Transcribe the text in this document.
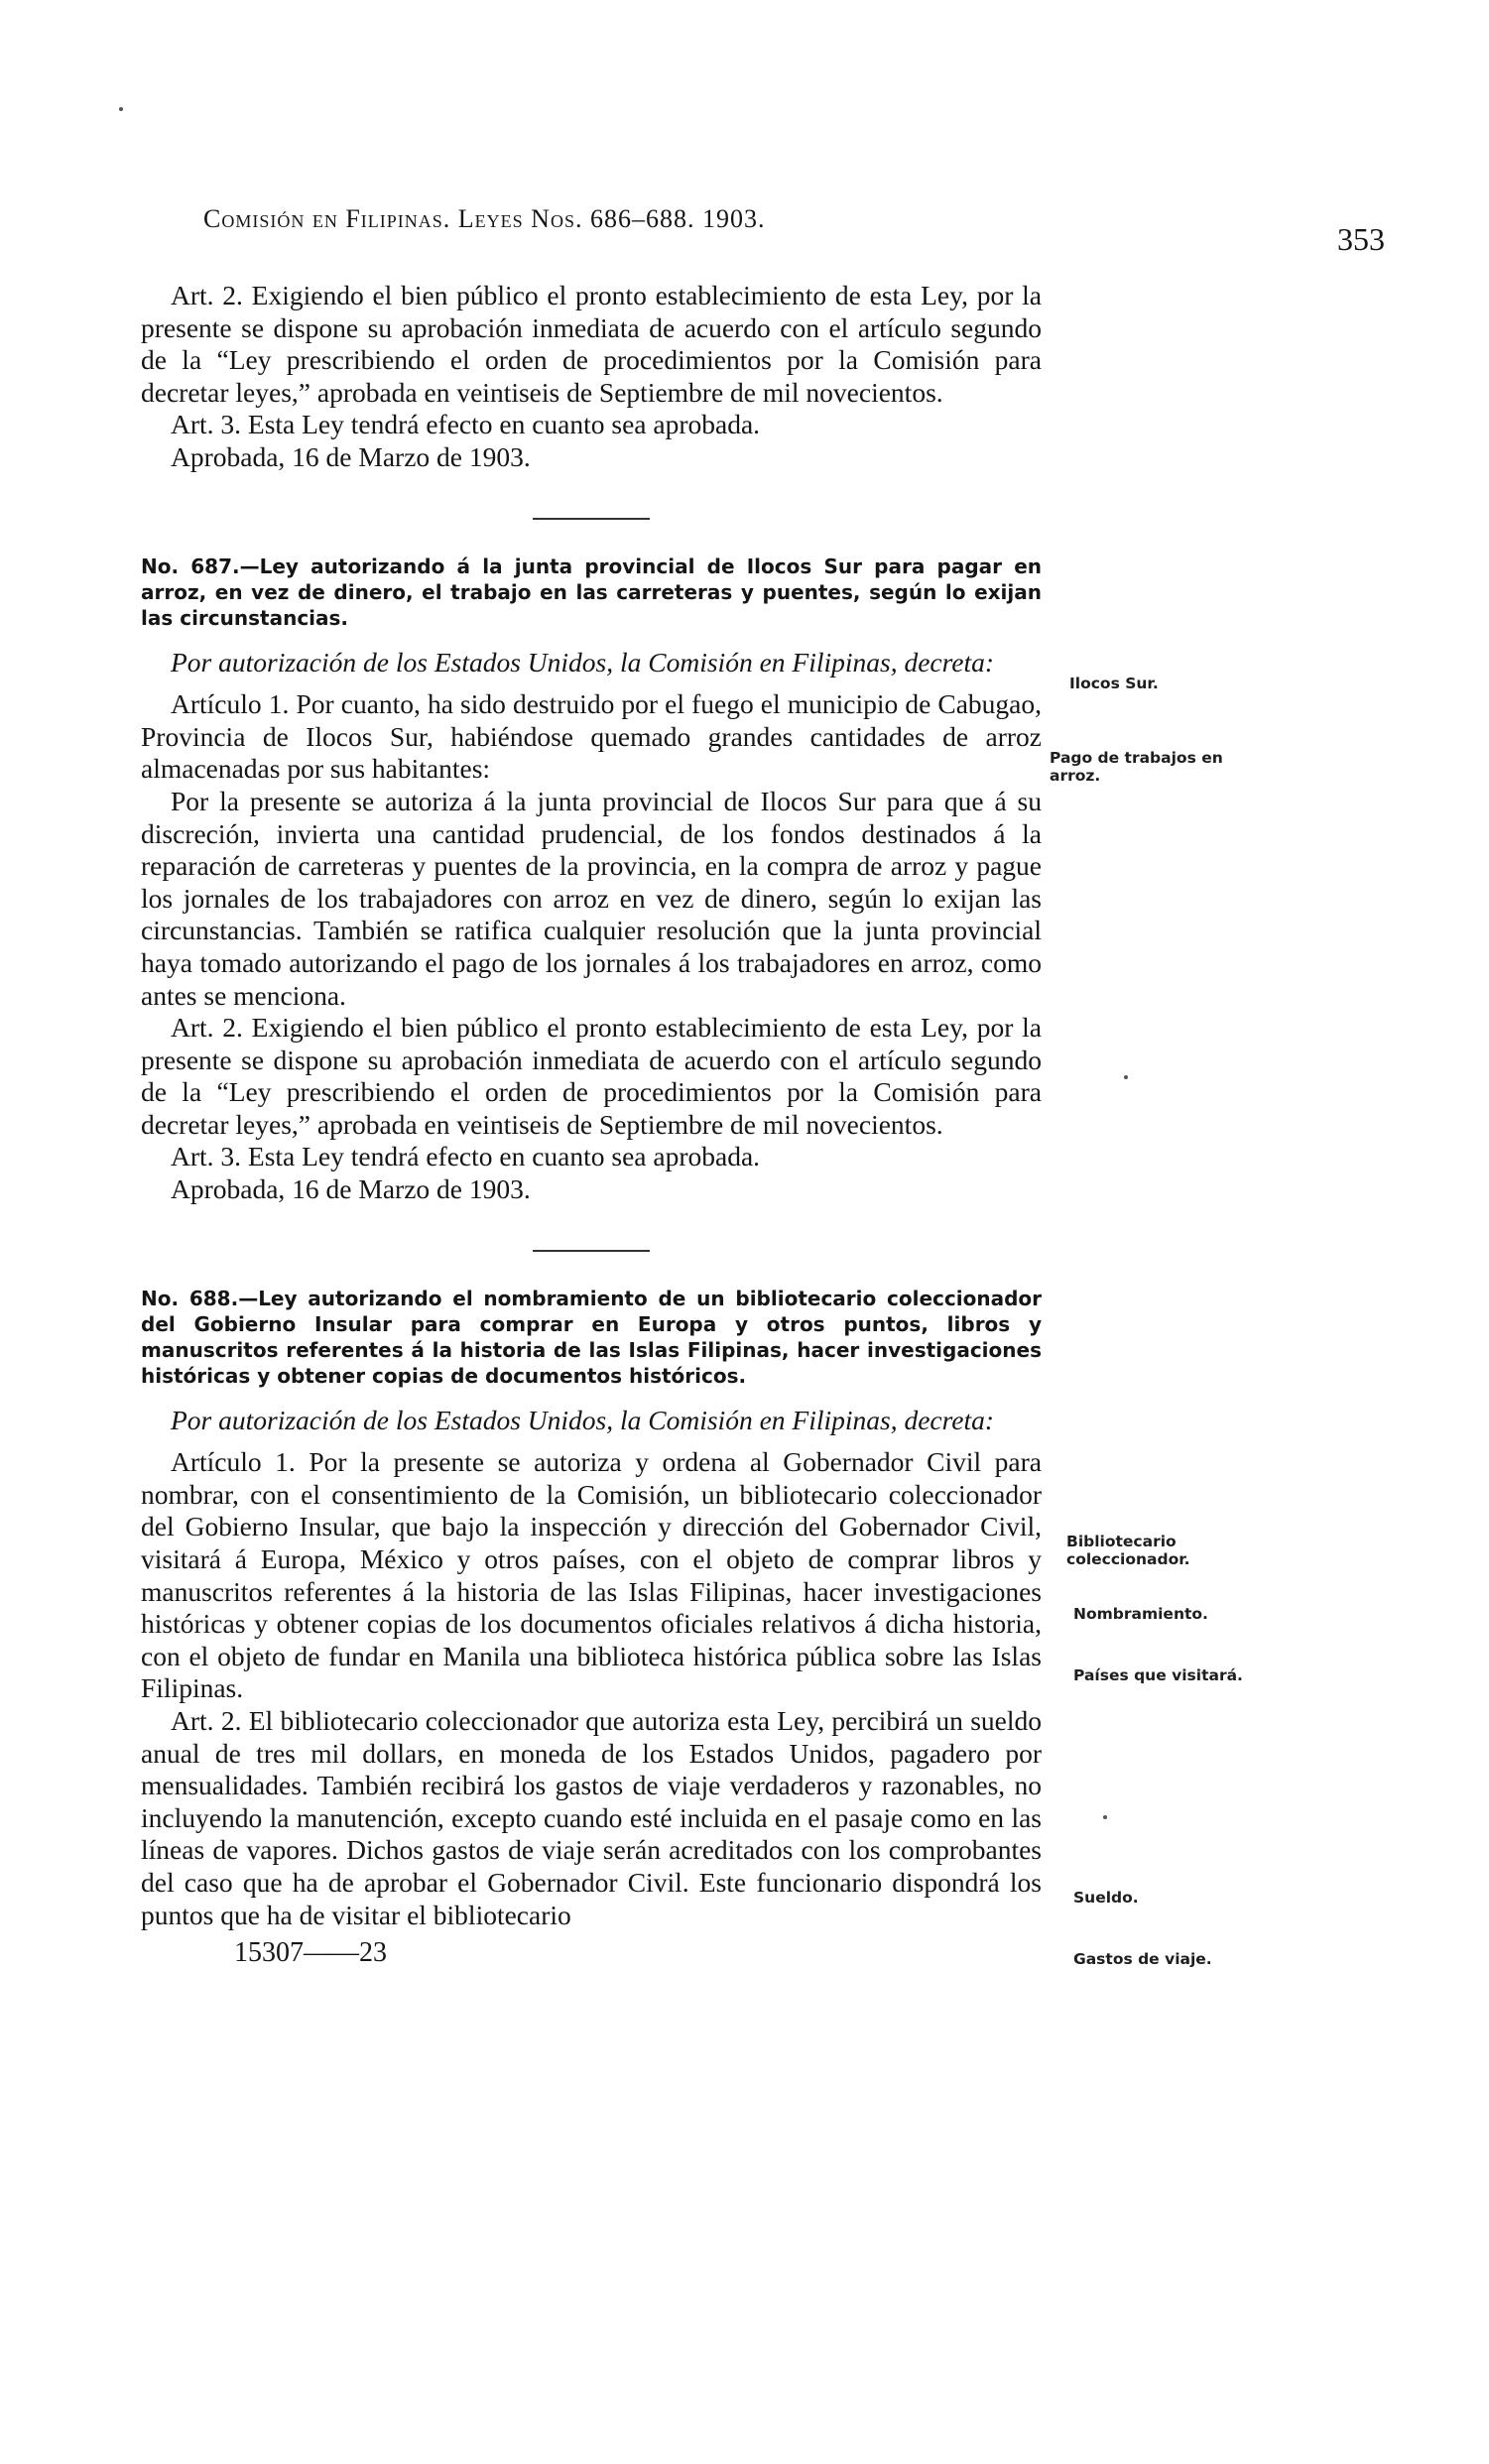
Comisión en Filipinas. Leyes Nos. 686–688. 1903.
353

Art. 2. Exigiendo el bien público el pronto establecimiento de esta Ley, por la presente se dispone su aprobación inmediata de acuerdo con el artículo segundo de la “Ley prescribiendo el orden de procedimientos por la Comisión para decretar leyes,” aprobada en veintiseis de Septiembre de mil novecientos.

Art. 3. Esta Ley tendrá efecto en cuanto sea aprobada.

Aprobada, 16 de Marzo de 1903.

No. 687.—Ley autorizando á la junta provincial de Ilocos Sur para pagar en arroz, en vez de dinero, el trabajo en las carreteras y puentes, según lo exijan las circunstancias.

Por autorización de los Estados Unidos, la Comisión en Filipinas, decreta:

Artículo 1. Por cuanto, ha sido destruido por el fuego el municipio de Cabugao, Provincia de Ilocos Sur, habiéndose quemado grandes cantidades de arroz almacenadas por sus habitantes:

Por la presente se autoriza á la junta provincial de Ilocos Sur para que á su discreción, invierta una cantidad prudencial, de los fondos destinados á la reparación de carreteras y puentes de la provincia, en la compra de arroz y pague los jornales de los trabajadores con arroz en vez de dinero, según lo exijan las circunstancias. También se ratifica cualquier resolución que la junta provincial haya tomado autorizando el pago de los jornales á los trabajadores en arroz, como antes se menciona.

Art. 2. Exigiendo el bien público el pronto establecimiento de esta Ley, por la presente se dispone su aprobación inmediata de acuerdo con el artículo segundo de la “Ley prescribiendo el orden de procedimientos por la Comisión para decretar leyes,” aprobada en veintiseis de Septiembre de mil novecientos.

Art. 3. Esta Ley tendrá efecto en cuanto sea aprobada.

Aprobada, 16 de Marzo de 1903.

No. 688.—Ley autorizando el nombramiento de un bibliotecario coleccionador del Gobierno Insular para comprar en Europa y otros puntos, libros y manuscritos referentes á la historia de las Islas Filipinas, hacer investigaciones históricas y obtener copias de documentos históricos.

Por autorización de los Estados Unidos, la Comisión en Filipinas, decreta:

Artículo 1. Por la presente se autoriza y ordena al Gobernador Civil para nombrar, con el consentimiento de la Comisión, un bibliotecario coleccionador del Gobierno Insular, que bajo la inspección y dirección del Gobernador Civil, visitará á Europa, México y otros países, con el objeto de comprar libros y manuscritos referentes á la historia de las Islas Filipinas, hacer investigaciones históricas y obtener copias de los documentos oficiales relativos á dicha historia, con el objeto de fundar en Manila una biblioteca histórica pública sobre las Islas Filipinas.

Art. 2. El bibliotecario coleccionador que autoriza esta Ley, percibirá un sueldo anual de tres mil dollars, en moneda de los Estados Unidos, pagadero por mensualidades. También recibirá los gastos de viaje verdaderos y razonables, no incluyendo la manutención, excepto cuando esté incluida en el pasaje como en las líneas de vapores. Dichos gastos de viaje serán acreditados con los comprobantes del caso que ha de aprobar el Gobernador Civil. Este funcionario dispondrá los puntos que ha de visitar el bibliotecario

Ilocos Sur.
Pago de trabajos en arroz.
Bibliotecario coleccionador.
Nombramiento.
Países que visitará.
Sueldo.
Gastos de viaje.
15307——23
